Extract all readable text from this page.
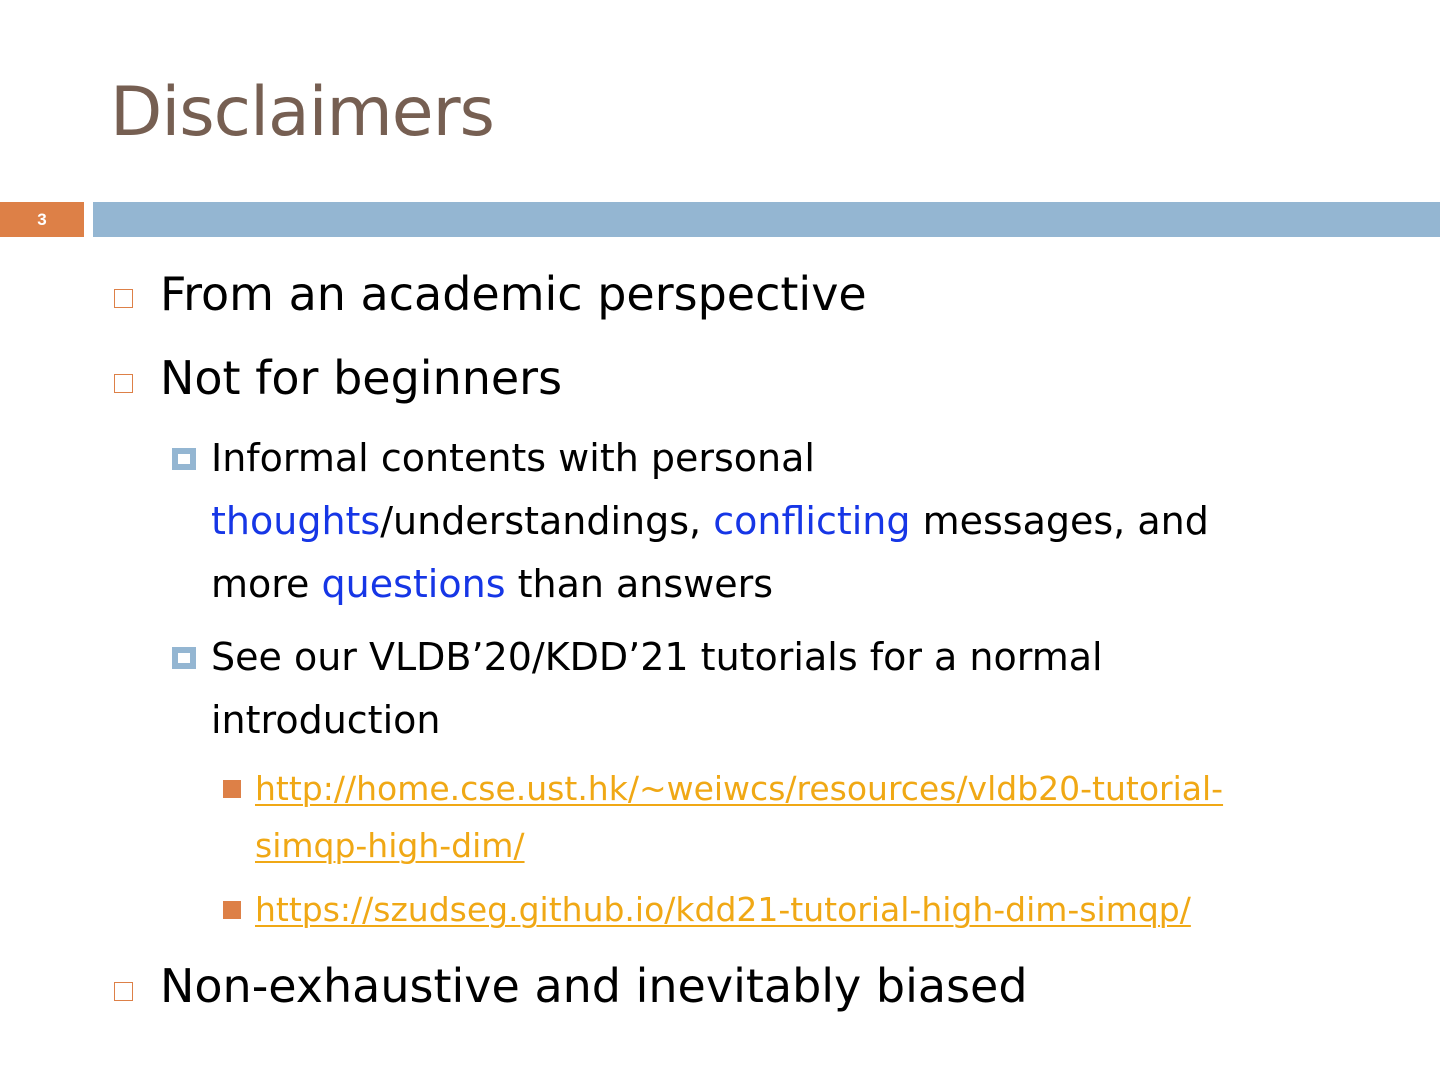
Disclaimers
3
From an academic perspective
Not for beginners
Informal contents with personal
thoughts/understandings, conflicting messages, and
more questions than answers
See our VLDB’20/KDD’21 tutorials for a normal
introduction
http://home.cse.ust.hk/~weiwcs/resources/vldb20-tutorial-
simqp-high-dim/
https://szudseg.github.io/kdd21-tutorial-high-dim-simqp/
Non-exhaustive and inevitably biased
